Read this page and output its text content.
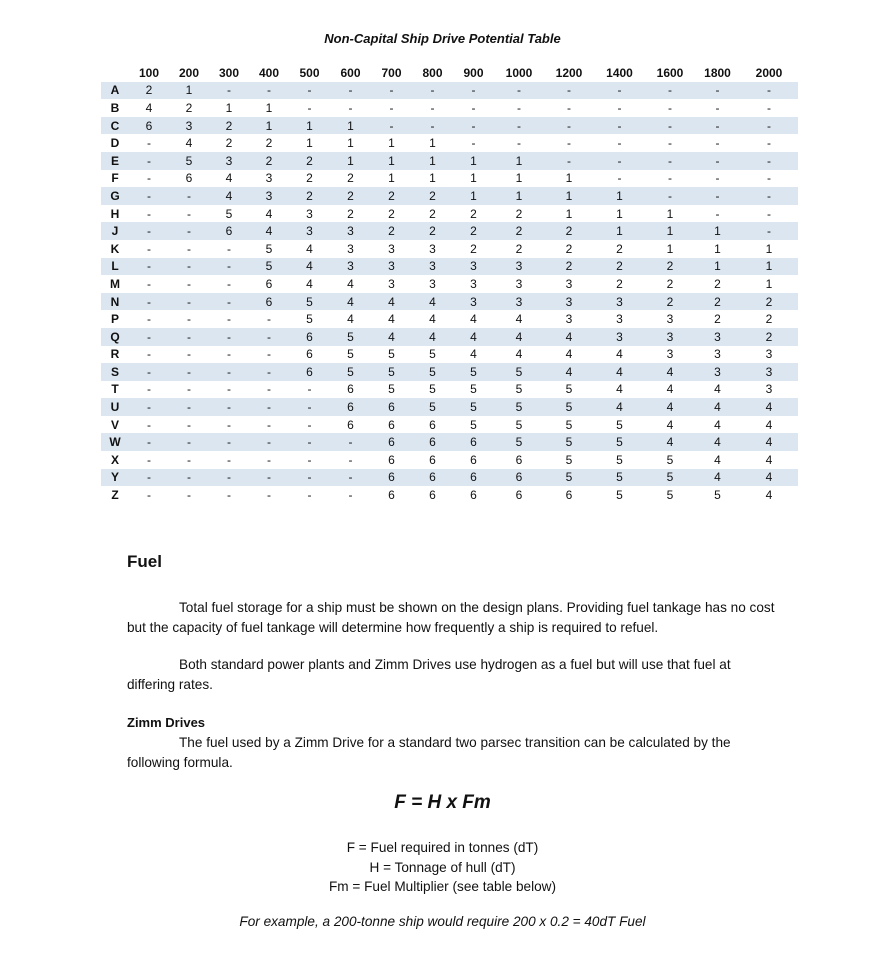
Non-Capital Ship Drive Potential Table
	100	200	300	400	500	600	700	800	900	1000	1200	1400	1600	1800	2000
A	2	1	-	-	-	-	-	-	-	-	-	-	-	-	-
B	4	2	1	1	-	-	-	-	-	-	-	-	-	-	-
C	6	3	2	1	1	1	-	-	-	-	-	-	-	-	-
D	-	4	2	2	1	1	1	1	-	-	-	-	-	-	-
E	-	5	3	2	2	1	1	1	1	1	-	-	-	-	-
F	-	6	4	3	2	2	1	1	1	1	1	-	-	-	-
G	-	-	4	3	2	2	2	2	1	1	1	1	-	-	-
H	-	-	5	4	3	2	2	2	2	2	1	1	1	-	-
J	-	-	6	4	3	3	2	2	2	2	2	1	1	1	-
K	-	-	-	5	4	3	3	3	2	2	2	2	1	1	1
L	-	-	-	5	4	3	3	3	3	3	2	2	2	1	1
M	-	-	-	6	4	4	3	3	3	3	3	2	2	2	1
N	-	-	-	6	5	4	4	4	3	3	3	3	2	2	2
P	-	-	-	-	5	4	4	4	4	4	3	3	3	2	2
Q	-	-	-	-	6	5	4	4	4	4	4	3	3	3	2
R	-	-	-	-	6	5	5	5	4	4	4	4	3	3	3
S	-	-	-	-	6	5	5	5	5	5	4	4	4	3	3
T	-	-	-	-	-	6	5	5	5	5	5	4	4	4	3
U	-	-	-	-	-	6	6	5	5	5	5	4	4	4	4
V	-	-	-	-	-	6	6	6	5	5	5	5	4	4	4
W	-	-	-	-	-	-	6	6	6	5	5	5	4	4	4
X	-	-	-	-	-	-	6	6	6	6	5	5	5	4	4
Y	-	-	-	-	-	-	6	6	6	6	5	5	5	4	4
Z	-	-	-	-	-	-	6	6	6	6	6	5	5	5	4
Fuel
Total fuel storage for a ship must be shown on the design plans. Providing fuel tankage has no cost but the capacity of fuel tankage will determine how frequently a ship is required to refuel.
Both standard power plants and Zimm Drives use hydrogen as a fuel but will use that fuel at differing rates.
Zimm Drives
The fuel used by a Zimm Drive for a standard two parsec transition can be calculated by the following formula.
F = H x Fm
F = Fuel required in tonnes (dT)
H = Tonnage of hull (dT)
Fm = Fuel Multiplier (see table below)
For example, a 200-tonne ship would require 200 x 0.2 = 40dT Fuel
